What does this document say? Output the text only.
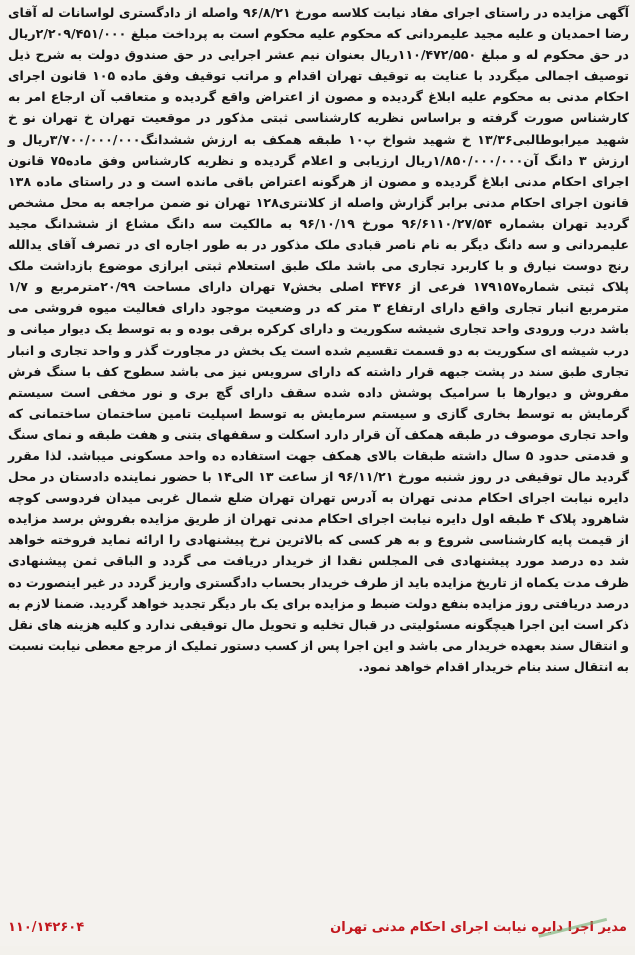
آگهی مزایده در راستای اجرای مفاد نیابت کلاسه مورخ ۹۶/۸/۲۱ واصله از دادگستری لواسانات له آقای رضا احمدیان و علیه مجید علیمردانی که محکوم علیه محکوم است به پرداخت مبلغ ۲/۲۰۹/۴۵۱/۰۰۰ریال در حق محکوم له و مبلغ ۱۱۰/۴۷۲/۵۵۰ریال بعنوان نیم عشر اجرایی در حق صندوق دولت به شرح ذیل توصیف اجمالی میگردد با عنایت به توقیف تهران اقدام و مراتب توقیف وفق ماده ۱۰۵ قانون اجرای احکام مدنی به محکوم علیه ابلاغ گردیده و مصون از اعتراض واقع گردیده و متعاقب آن ارجاع امر به کارشناس صورت گرفته و براساس نظریه کارشناسی ثبتی مذکور در موقعیت تهران خ تهران نو خ شهید میرابوطالبی۱۳/۳۶ خ شهید شواخ پ۱۰ طبقه همکف به ارزش ششدانگ۳/۷۰۰/۰۰۰/۰۰۰ریال و ارزش ۳ دانگ آن۱/۸۵۰/۰۰۰/۰۰۰ریال ارزیابی و اعلام گردیده و نظریه کارشناس وفق ماده۷۵ قانون اجرای احکام مدنی ابلاغ گردیده و مصون از هرگونه اعتراض باقی مانده است و در راستای ماده ۱۳۸ قانون اجرای احکام مدنی برابر گزارش واصله از کلانتری۱۲۸ تهران نو ضمن مراجعه به محل مشخص گردید تهران بشماره ۹۶/۶۱۱۰/۲۷/۵۴ مورخ ۹۶/۱۰/۱۹ به مالکیت سه دانگ مشاع از ششدانگ مجید علیمردانی و سه دانگ دیگر به نام ناصر قبادی ملک مذکور در به طور اجاره ای در تصرف آقای یدالله رنج دوست نیارق و با کاربرد تجاری می باشد ملک طبق استعلام ثبتی ابرازی موضوع بازداشت ملک پلاک ثبتی شماره۱۷۹۱۵۷ فرعی از ۴۴۷۶ اصلی بخش۷ تهران دارای مساحت ۲۰/۹۹مترمربع و ۱/۷ مترمربع انبار تجاری واقع دارای ارتفاع ۳ متر که در وضعیت موجود دارای فعالیت میوه فروشی می باشد درب ورودی واحد تجاری شیشه سکوریت و دارای کرکره برقی بوده و به توسط یک دیوار میانی و درب شیشه ای سکوریت به دو قسمت تقسیم شده است یک بخش در مجاورت گذر و واحد تجاری و انبار تجاری طبق سند در پشت جبهه قرار داشته که دارای سرویس نیز می باشد سطوح کف با سنگ فرش مفروش و دیوارها با سرامیک پوشش داده شده سقف دارای گچ بری و نور مخفی است سیستم گرمایش به توسط بخاری گازی و سیستم سرمایش به توسط اسپلیت تامین ساختمان ساختمانی که واحد تجاری موصوف در طبقه همکف آن قرار دارد اسکلت و سقفهای بتنی و هفت طبقه و نمای سنگ و قدمتی حدود ۵ سال داشته طبقات بالای همکف جهت استفاده ده واحد مسکونی میباشد. لذا مقرر گردید مال توقیفی در روز شنبه مورخ ۹۶/۱۱/۲۱ از ساعت ۱۳ الی۱۴ با حضور نماینده دادستان در محل دایره نیابت اجرای احکام مدنی تهران به آدرس تهران تهران ضلع شمال غربی میدان فردوسی کوچه شاهرود پلاک ۴ طبقه اول دایره نیابت اجرای احکام مدنی تهران از طریق مزایده بفروش برسد مزایده از قیمت پایه کارشناسی شروع و به هر کسی که بالاترین نرخ پیشنهادی را ارائه نماید فروخته خواهد شد ده درصد مورد پیشنهادی فی المجلس نقدا از خریدار دریافت می گردد و الباقی ثمن پیشنهادی ظرف مدت یکماه از تاریخ مزایده باید از طرف خریدار بحساب دادگستری واریز گردد در غیر اینصورت ده درصد دریافتی روز مزایده بنفع دولت ضبط و مزایده برای یک بار دیگر تجدید خواهد گردید. ضمنا لازم به ذکر است این اجرا هیچگونه مسئولیتی در قبال تخلیه و تحویل مال توقیفی ندارد و کلیه هزینه های نقل و انتقال سند بعهده خریدار می باشد و این اجرا پس از کسب دستور تملیک از مرجع معطی نیابت نسبت به انتقال سند بنام خریدار اقدام خواهد نمود.

مدیر اجرا دایره نیابت اجرای احکام مدنی تهران
۱۱۰/۱۴۲۶۰۴
